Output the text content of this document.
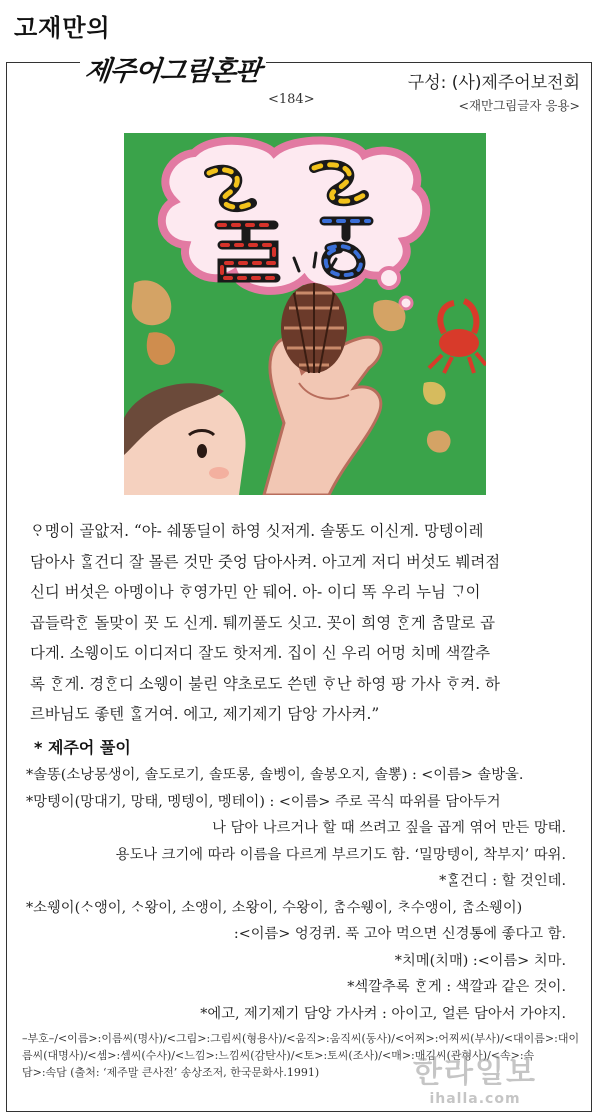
고재만의
제주어그림혼판
<184>
구성: (사)제주어보전회
<재만그림글자 응용>
ᄋᆞ멩이 골앖저. “야- 쉐똥딜이 하영 싯저게. 솔똥도 이신게. 망텡이레
담아사 ᄒᆞᆯ건디 잘 몰른 것만 줏엉 담아사켜. 아고게 저디 버섯도 붸려점
신디 버섯은 아멩이나 ᄒᆞ영가민 안 뒈어. 아- 이디 똑 우리 누님 ᄀᆞ이
곱들락ᄒᆞᆫ 돌맞이 꼿 도 신게. 퉤끼풀도 싯고. 꼿이 희영 ᄒᆞᆫ게 ᄎᆞᆷ말로 곱
다게. 소웽이도 이디저디 잘도 핫저게. 집이 신 우리 어멍 치메 색깔추
록 ᄒᆞᆫ게. 경ᄒᆞᆫ디 소웽이 불린 약초로도 쓴덴 ᄒᆞ난 하영 팡 가사 ᄒᆞ켜. 하
르바님도 좋텐 ᄒᆞᆯ거여. 에고, 제기제기 담앙 가사켜.”
* 제주어 풀이
*솔똥(소낭몽생이, 솔도로기, 솔또롱, 솔벵이, 솔봉오지, 솔뽕) : <이름> 솔방울.
*망텡이(망대기, 망태, 멩텡이, 멩테이) : <이름> 주로 곡식 따위를 담아두거
나 담아 나르거나 할 때 쓰려고 짚을 곱게 엮어 만든 망태.
용도나 크기에 따라 이름을 다르게 부르기도 함. ‘밀망텡이, 착부지’ 따위.
*ᄒᆞᆯ건디 : 할 것인데.
*소웽이(ᄉᆞ앵이, ᄉᆞ왕이, 소앵이, 소왕이, 수왕이, ᄎᆞᆷ수웽이, ᄎᆞ수앵이, ᄎᆞᆷ소웽이)
:<이름> 엉겅퀴. 푹 고아 먹으면 신경통에 좋다고 함.
*치메(치매) :<이름> 치마.
*섹깔추록 ᄒᆞᆫ게 : 색깔과 같은 것이.
*에고, 제기제기 담앙 가사켜 : 아이고, 얼른 담아서 가야지.
–부호–/<이름>:이름씨(명사)/<그림>:그림씨(형용사)/<움직>:움직씨(동사)/<어찌>:어찌씨(부사)/<대이름>:대이
름씨(대명사)/<셈>:셈씨(수사)/<느낌>:느낌씨(감탄사)/<토>:토씨(조사)/<매>:매김씨(관형사)/<속>:속
담>:속담 (출처: ‘제주말 큰사전’ 송상조저, 한국문화사.1991)	한라일보
ihalla.com
